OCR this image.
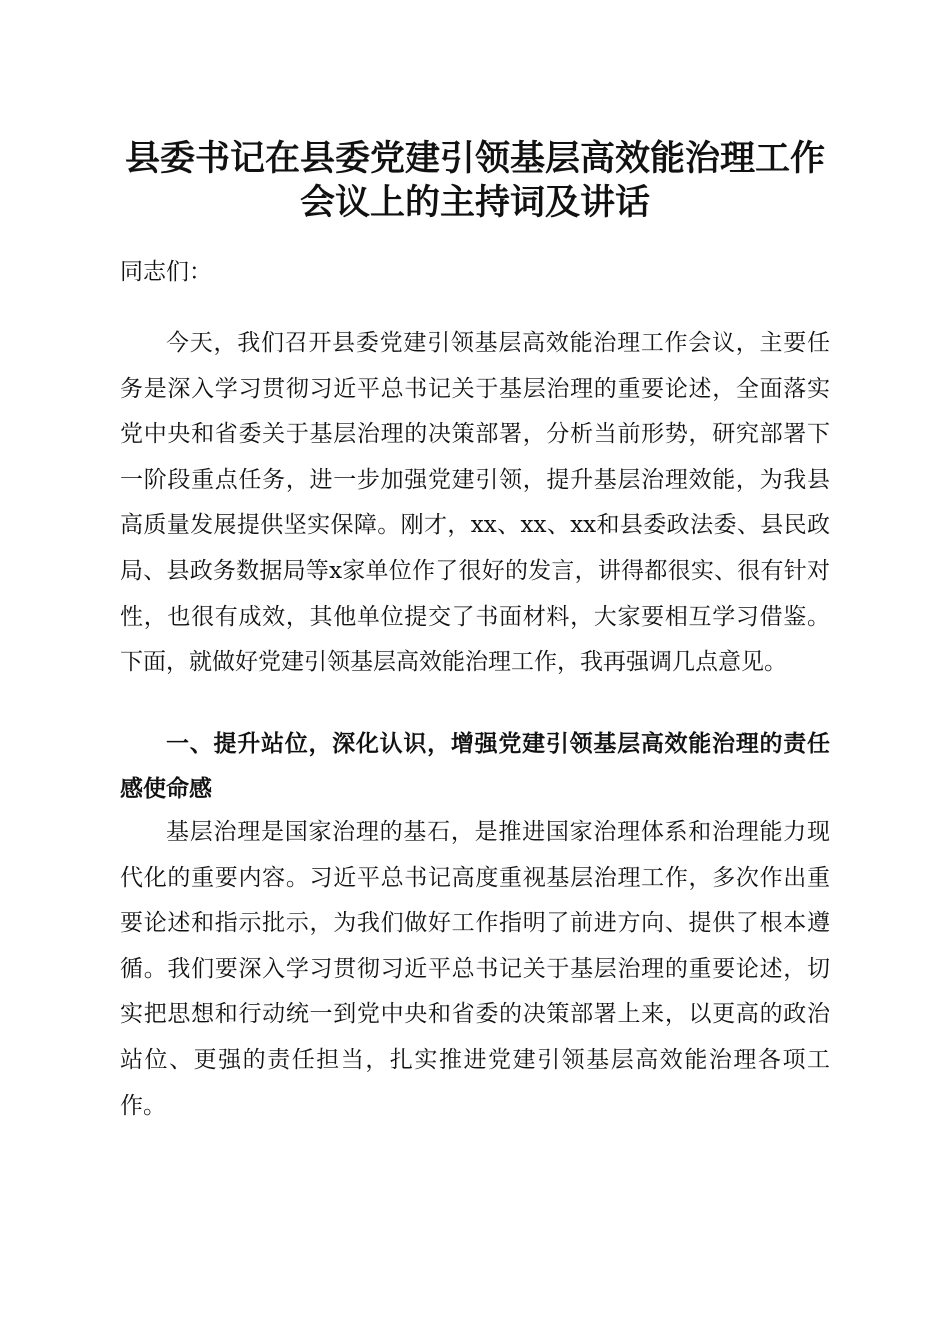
县委书记在县委党建引领基层高效能治理工作
会议上的主持词及讲话

同志们：

今天，我们召开县委党建引领基层高效能治理工作会议，主要任务是深入学习贯彻习近平总书记关于基层治理的重要论述，全面落实党中央和省委关于基层治理的决策部署，分析当前形势，研究部署下一阶段重点任务，进一步加强党建引领，提升基层治理效能，为我县高质量发展提供坚实保障。刚才，xx、xx、xx和县委政法委、县民政局、县政务数据局等x家单位作了很好的发言，讲得都很实、很有针对性，也很有成效，其他单位提交了书面材料，大家要相互学习借鉴。下面，就做好党建引领基层高效能治理工作，我再强调几点意见。

一、提升站位，深化认识，增强党建引领基层高效能治理的责任感使命感

基层治理是国家治理的基石，是推进国家治理体系和治理能力现代化的重要内容。习近平总书记高度重视基层治理工作，多次作出重要论述和指示批示，为我们做好工作指明了前进方向、提供了根本遵循。我们要深入学习贯彻习近平总书记关于基层治理的重要论述，切实把思想和行动统一到党中央和省委的决策部署上来，以更高的政治站位、更强的责任担当，扎实推进党建引领基层高效能治理各项工作。
